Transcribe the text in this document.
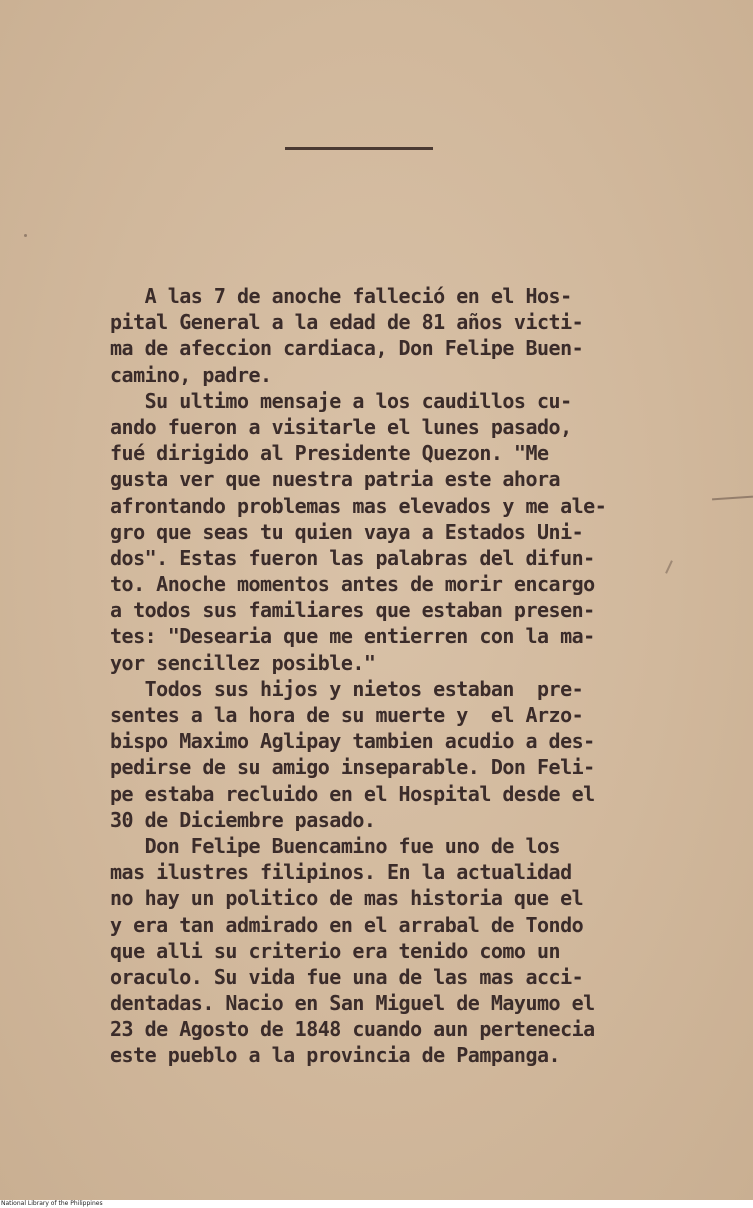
A las 7 de anoche falleció en el Hos-
pital General a la edad de 81 años victi-
ma de afeccion cardiaca, Don Felipe Buen-
camino, padre.
Su ultimo mensaje a los caudillos cu-
ando fueron a visitarle el lunes pasado,
fué dirigido al Presidente Quezon. "Me
gusta ver que nuestra patria este ahora
afrontando problemas mas elevados y me ale-
gro que seas tu quien vaya a Estados Uni-
dos". Estas fueron las palabras del difun-
to. Anoche momentos antes de morir encargo
a todos sus familiares que estaban presen-
tes: "Desearia que me entierren con la ma-
yor sencillez posible."
Todos sus hijos y nietos estaban  pre-
sentes a la hora de su muerte y  el Arzo-
bispo Maximo Aglipay tambien acudio a des-
pedirse de su amigo inseparable. Don Feli-
pe estaba recluido en el Hospital desde el
30 de Diciembre pasado.
Don Felipe Buencamino fue uno de los
mas ilustres filipinos. En la actualidad
no hay un politico de mas historia que el
y era tan admirado en el arrabal de Tondo
que alli su criterio era tenido como un
oraculo. Su vida fue una de las mas acci-
dentadas. Nacio en San Miguel de Mayumo el
23 de Agosto de 1848 cuando aun pertenecia
este pueblo a la provincia de Pampanga.
National Library of the Philippines
